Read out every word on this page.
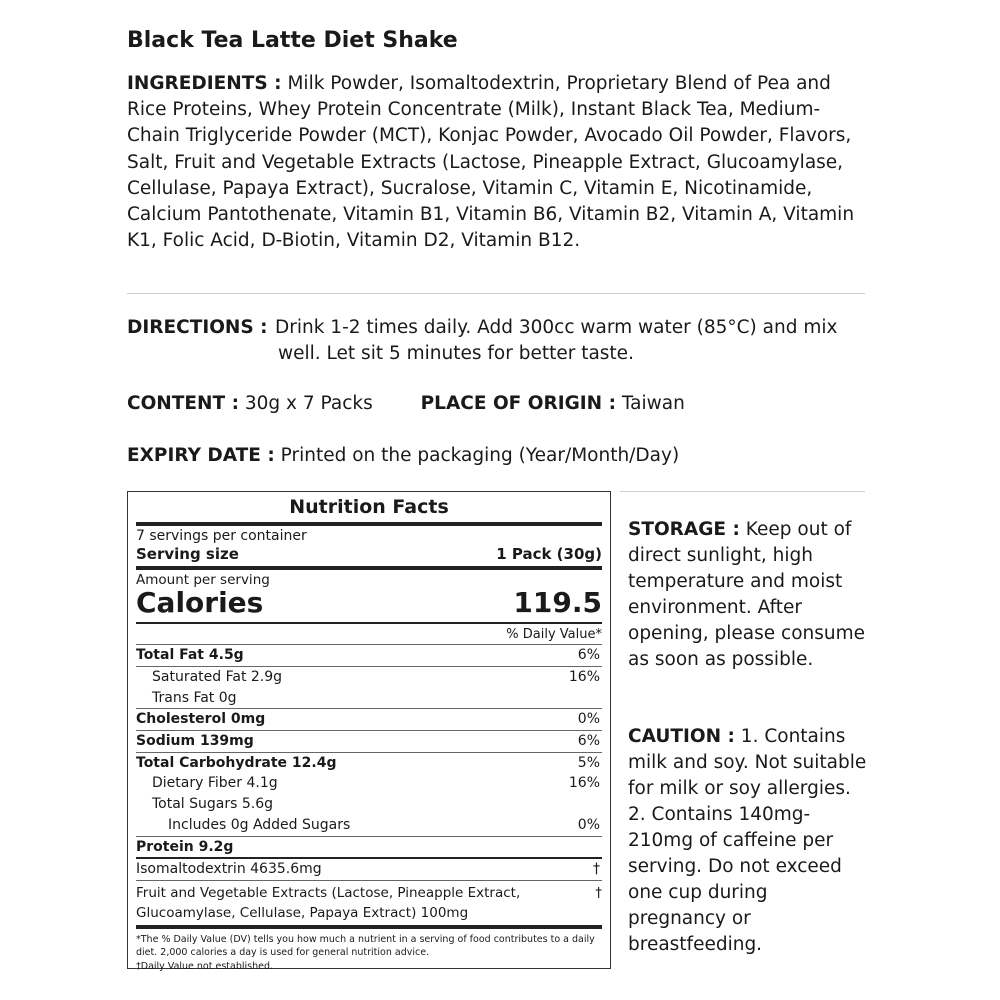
Black Tea Latte Diet Shake

INGREDIENTS : Milk Powder, Isomaltodextrin, Proprietary Blend of Pea and Rice Proteins, Whey Protein Concentrate (Milk), Instant Black Tea, Medium-Chain Triglyceride Powder (MCT), Konjac Powder, Avocado Oil Powder, Flavors, Salt, Fruit and Vegetable Extracts (Lactose, Pineapple Extract, Glucoamylase, Cellulase, Papaya Extract), Sucralose, Vitamin C, Vitamin E, Nicotinamide, Calcium Pantothenate, Vitamin B1, Vitamin B6, Vitamin B2, Vitamin A, Vitamin K1, Folic Acid, D-Biotin, Vitamin D2, Vitamin B12.

DIRECTIONS : Drink 1-2 times daily. Add 300cc warm water (85°C) and mix
well. Let sit 5 minutes for better taste.
CONTENT : 30g x 7 Packs	PLACE OF ORIGIN : Taiwan
EXPIRY DATE : Printed on the packaging (Year/Month/Day)
Nutrition Facts
7 servings per container
Serving size	1 Pack (30g)
Amount per serving
Calories	119.5
% Daily Value*
Total Fat 4.5g	6%
Saturated Fat 2.9g	16%
Trans Fat 0g
Cholesterol 0mg	0%
Sodium 139mg	6%
Total Carbohydrate 12.4g	5%
Dietary Fiber 4.1g	16%
Total Sugars 5.6g
Includes 0g Added Sugars	0%
Protein 9.2g
Isomaltodextrin 4635.6mg	†
Fruit and Vegetable Extracts (Lactose, Pineapple Extract, Glucoamylase, Cellulase, Papaya Extract) 100mg
†
*The % Daily Value (DV) tells you how much a nutrient in a serving of food contributes to a daily diet. 2,000 calories a day is used for general nutrition advice.
†Daily Value not established.

STORAGE : Keep out of direct sunlight, high temperature and moist environment. After opening, please consume as soon as possible.

CAUTION : 1. Contains milk and soy. Not suitable for milk or soy allergies. 2. Contains 140mg-210mg of caffeine per serving. Do not exceed one cup during pregnancy or breastfeeding.
